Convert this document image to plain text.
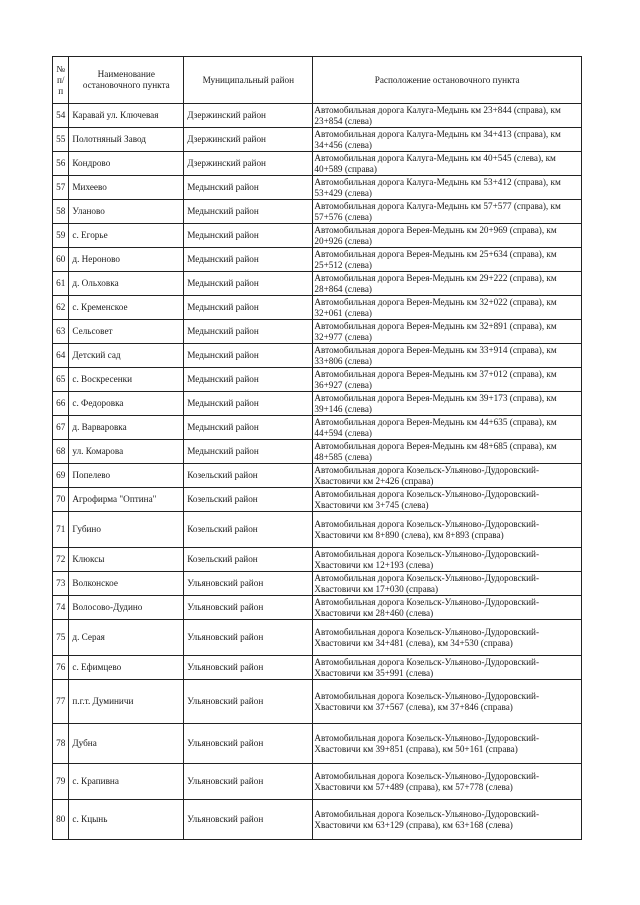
№ п/п	Наименование остановочного пункта	Муниципальный район	Расположение остановочного пункта
54	Каравай ул. Ключевая	Дзержинский район	Автомобильная дорога Калуга-Медынь км 23+844 (справа), км 23+854 (слева)
55	Полотняный Завод	Дзержинский район	Автомобильная дорога Калуга-Медынь км 34+413 (справа), км 34+456 (слева)
56	Кондрово	Дзержинский район	Автомобильная дорога Калуга-Медынь км 40+545 (слева), км 40+589 (справа)
57	Михеево	Медынский район	Автомобильная дорога Калуга-Медынь км 53+412 (справа), км 53+429 (слева)
58	Уланово	Медынский район	Автомобильная дорога Калуга-Медынь км 57+577 (справа), км 57+576 (слева)
59	с. Егорье	Медынский район	Автомобильная дорога Верея-Медынь км 20+969 (справа), км 20+926 (слева)
60	д. Нероново	Медынский район	Автомобильная дорога Верея-Медынь км 25+634 (справа), км 25+512 (слева)
61	д. Ольховка	Медынский район	Автомобильная дорога Верея-Медынь км 29+222 (справа), км 28+864 (слева)
62	с. Кременское	Медынский район	Автомобильная дорога Верея-Медынь км 32+022 (справа), км 32+061 (слева)
63	Сельсовет	Медынский район	Автомобильная дорога Верея-Медынь км 32+891 (справа), км 32+977 (слева)
64	Детский сад	Медынский район	Автомобильная дорога Верея-Медынь км 33+914 (справа), км 33+806 (слева)
65	с. Воскресенки	Медынский район	Автомобильная дорога Верея-Медынь км 37+012 (справа), км 36+927 (слева)
66	с. Федоровка	Медынский район	Автомобильная дорога Верея-Медынь км 39+173 (справа), км 39+146 (слева)
67	д. Варваровка	Медынский район	Автомобильная дорога Верея-Медынь км 44+635 (справа), км 44+594 (слева)
68	ул. Комарова	Медынский район	Автомобильная дорога Верея-Медынь км 48+685 (справа), км 48+585 (слева)
69	Попелево	Козельский район	Автомобильная дорога Козельск-Ульяново-Дудоровский-Хвастовичи км 2+426 (справа)
70	Агрофирма "Оптина"	Козельский район	Автомобильная дорога Козельск-Ульяново-Дудоровский-Хвастовичи км 3+745 (слева)
71	Губино	Козельский район	Автомобильная дорога Козельск-Ульяново-Дудоровский-Хвастовичи км 8+890 (слева), км 8+893 (справа)
72	Клюксы	Козельский район	Автомобильная дорога Козельск-Ульяново-Дудоровский-Хвастовичи км 12+193 (слева)
73	Волконское	Ульяновский район	Автомобильная дорога Козельск-Ульяново-Дудоровский-Хвастовичи км 17+030 (справа)
74	Волосово-Дудино	Ульяновский район	Автомобильная дорога Козельск-Ульяново-Дудоровский-Хвастовичи км 28+460 (слева)
75	д. Серая	Ульяновский район	Автомобильная дорога Козельск-Ульяново-Дудоровский-Хвастовичи км 34+481 (слева), км 34+530 (справа)
76	с. Ефимцево	Ульяновский район	Автомобильная дорога Козельск-Ульяново-Дудоровский-Хвастовичи км 35+991 (слева)
77	п.г.т. Думиничи	Ульяновский район	Автомобильная дорога Козельск-Ульяново-Дудоровский-Хвастовичи км 37+567 (слева), км 37+846 (справа)
78	Дубна	Ульяновский район	Автомобильная дорога Козельск-Ульяново-Дудоровский-Хвастовичи км 39+851 (справа), км 50+161 (справа)
79	с. Крапивна	Ульяновский район	Автомобильная дорога Козельск-Ульяново-Дудоровский-Хвастовичи км 57+489 (справа), км 57+778 (слева)
80	с. Кцынь	Ульяновский район	Автомобильная дорога Козельск-Ульяново-Дудоровский-Хвастовичи км 63+129 (справа), км 63+168 (слева)
